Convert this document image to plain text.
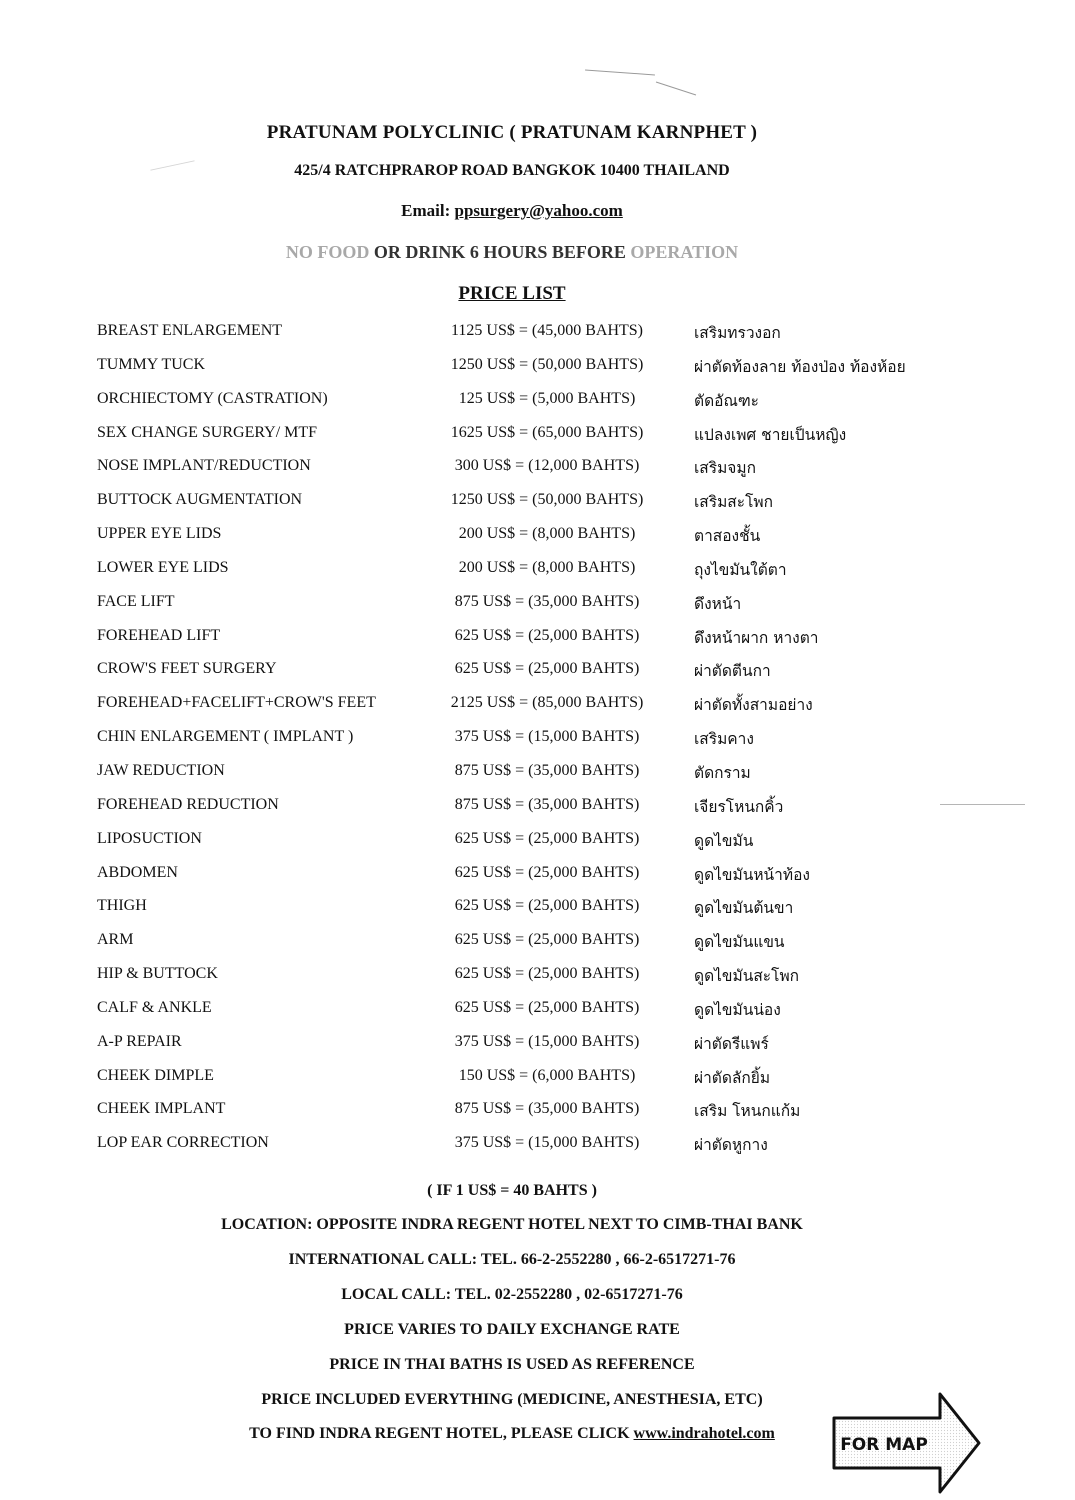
PRATUNAM POLYCLINIC ( PRATUNAM KARNPHET )
425/4 RATCHPRAROP ROAD BANGKOK 10400 THAILAND
Email: ppsurgery@yahoo.com
NO FOOD OR DRINK 6 HOURS BEFORE OPERATION
PRICE LIST
BREAST ENLARGEMENT	1125 US$ = (45,000 BAHTS)	เสริมทรวงอก
TUMMY TUCK	1250 US$ = (50,000 BAHTS)	ผ่าตัดท้องลาย ท้องป่อง ท้องห้อย
ORCHIECTOMY (CASTRATION)	125 US$ = (5,000 BAHTS)	ตัดอัณฑะ
SEX CHANGE SURGERY/ MTF	1625 US$ = (65,000 BAHTS)	แปลงเพศ ชายเป็นหญิง
NOSE IMPLANT/REDUCTION	300 US$ = (12,000 BAHTS)	เสริมจมูก
BUTTOCK AUGMENTATION	1250 US$ = (50,000 BAHTS)	เสริมสะโพก
UPPER EYE LIDS	200 US$ = (8,000 BAHTS)	ตาสองชั้น
LOWER EYE LIDS	200 US$ = (8,000 BAHTS)	ถุงไขมันใต้ตา
FACE LIFT	875 US$ = (35,000 BAHTS)	ดึงหน้า
FOREHEAD LIFT	625 US$ = (25,000 BAHTS)	ดึงหน้าผาก หางตา
CROW'S FEET SURGERY	625 US$ = (25,000 BAHTS)	ผ่าตัดตีนกา
FOREHEAD+FACELIFT+CROW'S FEET	2125 US$ = (85,000 BAHTS)	ผ่าตัดทั้งสามอย่าง
CHIN ENLARGEMENT ( IMPLANT )	375 US$ = (15,000 BAHTS)	เสริมคาง
JAW REDUCTION	875 US$ = (35,000 BAHTS)	ตัดกราม
FOREHEAD REDUCTION	875 US$ = (35,000 BAHTS)	เจียรโหนกคิ้ว
LIPOSUCTION	625 US$ = (25,000 BAHTS)	ดูดไขมัน
ABDOMEN	625 US$ = (25,000 BAHTS)	ดูดไขมันหน้าท้อง
THIGH	625 US$ = (25,000 BAHTS)	ดูดไขมันต้นขา
ARM	625 US$ = (25,000 BAHTS)	ดูดไขมันแขน
HIP & BUTTOCK	625 US$ = (25,000 BAHTS)	ดูดไขมันสะโพก
CALF & ANKLE	625 US$ = (25,000 BAHTS)	ดูดไขมันน่อง
A-P REPAIR	375 US$ = (15,000 BAHTS)	ผ่าตัดรีแพร์
CHEEK DIMPLE	150 US$ = (6,000 BAHTS)	ผ่าตัดลักยิ้ม
CHEEK IMPLANT	875 US$ = (35,000 BAHTS)	เสริม โหนกแก้ม
LOP EAR CORRECTION	375 US$ = (15,000 BAHTS)	ผ่าตัดหูกาง
( IF 1 US$ = 40 BAHTS )
LOCATION: OPPOSITE INDRA REGENT HOTEL NEXT TO CIMB-THAI BANK
INTERNATIONAL CALL: TEL. 66-2-2552280 , 66-2-6517271-76
LOCAL CALL: TEL. 02-2552280 , 02-6517271-76
PRICE VARIES TO DAILY EXCHANGE RATE
PRICE IN THAI BATHS IS USED AS REFERENCE
PRICE INCLUDED EVERYTHING (MEDICINE, ANESTHESIA, ETC)
TO FIND INDRA REGENT HOTEL, PLEASE CLICK www.indrahotel.com
FOR MAP
